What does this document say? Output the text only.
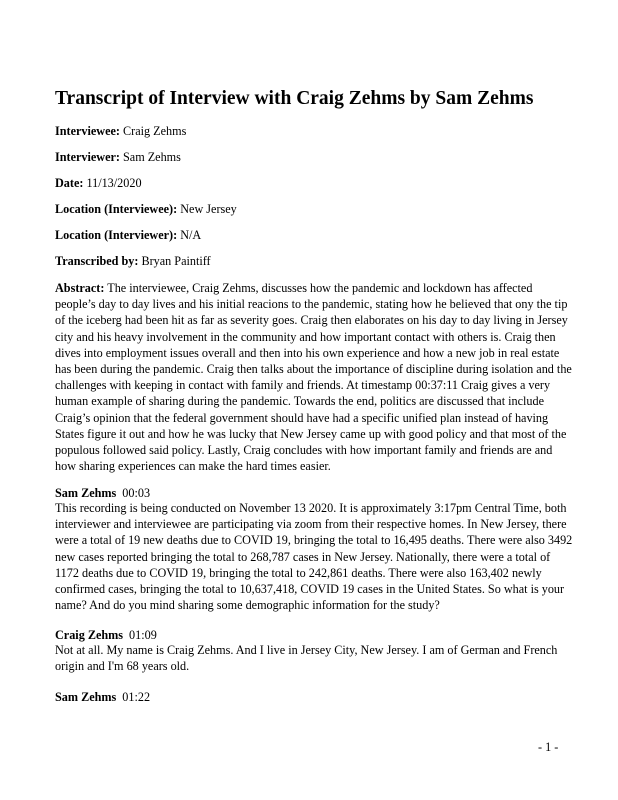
Transcript of Interview with Craig Zehms by Sam Zehms
Interviewee: Craig Zehms
Interviewer: Sam Zehms
Date: 11/13/2020
Location (Interviewee): New Jersey
Location (Interviewer): N/A
Transcribed by: Bryan Paintiff

Abstract: The interviewee, Craig Zehms, discusses how the pandemic and lockdown has affected people’s day to day lives and his initial reacions to the pandemic, stating how he believed that ony the tip of the iceberg had been hit as far as severity goes. Craig then elaborates on his day to day living in Jersey city and his heavy involvement in the community and how important contact with others is. Craig then dives into employment issues overall and then into his own experience and how a new job in real estate has been during the pandemic. Craig then talks about the importance of discipline during isolation and the challenges with keeping in contact with family and friends. At timestamp 00:37:11 Craig gives a very human example of sharing during the pandemic. Towards the end, politics are discussed that include Craig’s opinion that the federal government should have had a specific unified plan instead of having States figure it out and how he was lucky that New Jersey came up with good policy and that most of the populous followed said policy. Lastly, Craig concludes with how important family and friends are and how sharing experiences can make the hard times easier.

Sam Zehms 00:03

This recording is being conducted on November 13 2020. It is approximately 3:17pm Central Time, both interviewer and interviewee are participating via zoom from their respective homes. In New Jersey, there were a total of 19 new deaths due to COVID 19, bringing the total to 16,495 deaths. There were also 3492 new cases reported bringing the total to 268,787 cases in New Jersey. Nationally, there were a total of 1172 deaths due to COVID 19, bringing the total to 242,861 deaths. There were also 163,402 newly confirmed cases, bringing the total to 10,637,418, COVID 19 cases in the United States. So what is your name? And do you mind sharing some demographic information for the study?

Craig Zehms 01:09

Not at all. My name is Craig Zehms. And I live in Jersey City, New Jersey. I am of German and French origin and I'm 68 years old.

Sam Zehms 01:22
- 1 -
